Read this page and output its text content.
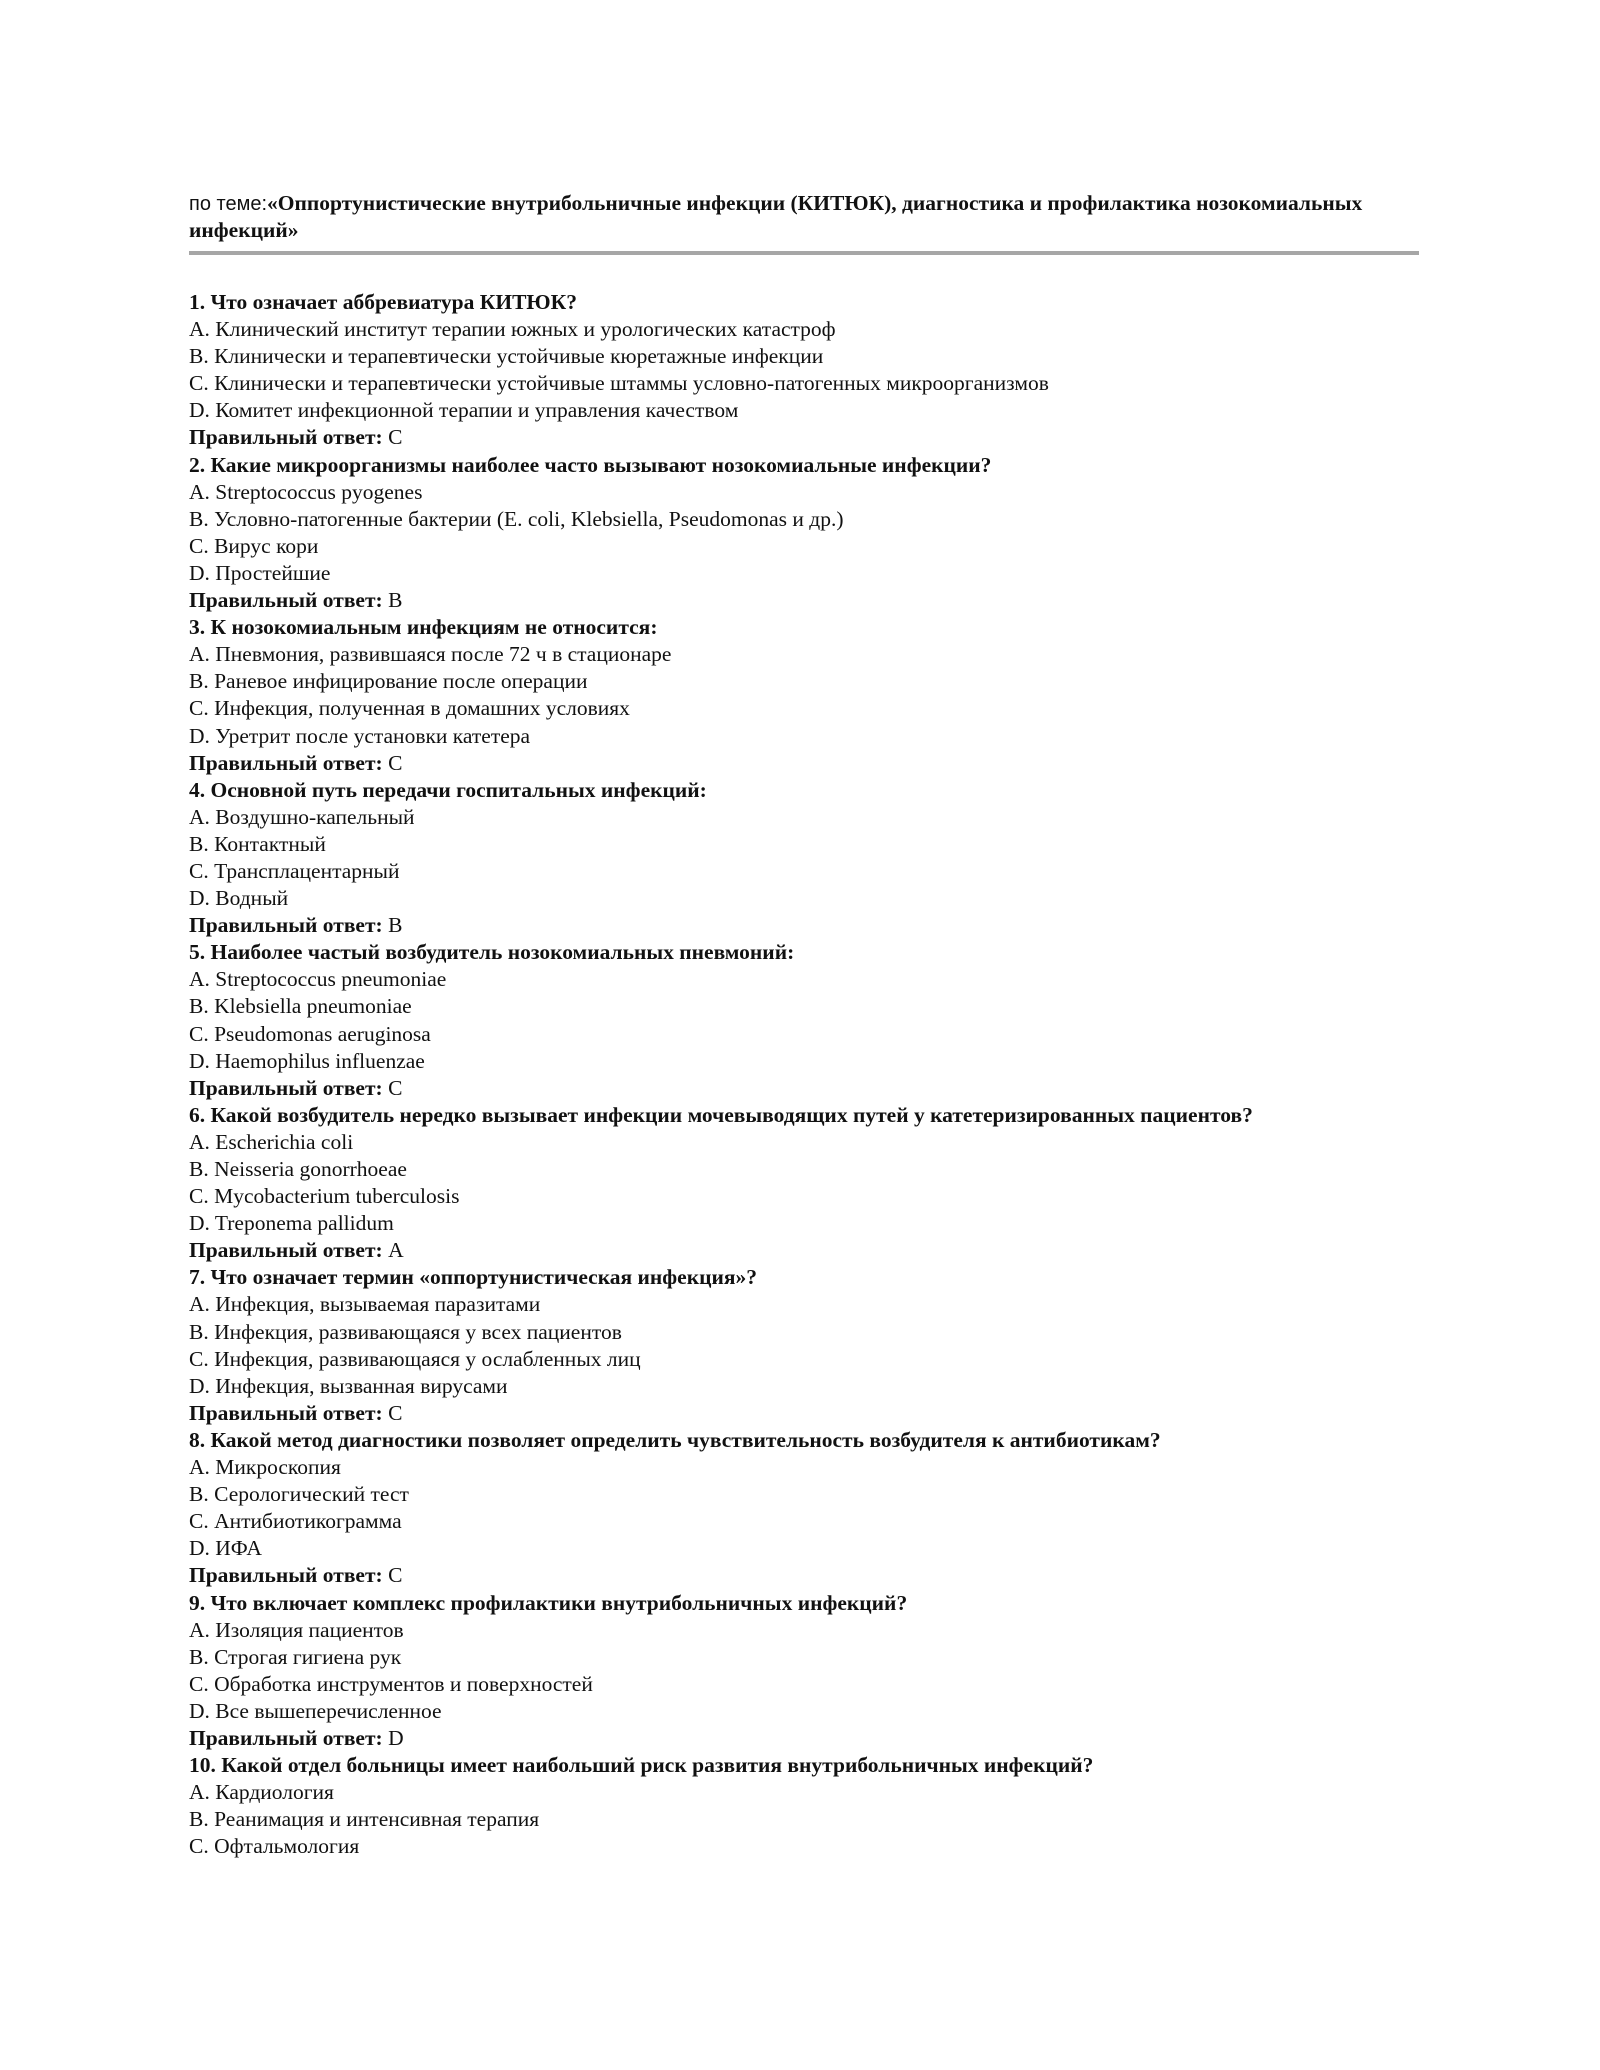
по теме:«Оппортунистические внутрибольничные инфекции (КИТЮК), диагностика и профилактика нозокомиальных инфекций»
1. Что означает аббревиатура КИТЮК?
A. Клинический институт терапии южных и урологических катастроф
B. Клинически и терапевтически устойчивые кюретажные инфекции
C. Клинически и терапевтически устойчивые штаммы условно-патогенных микроорганизмов
D. Комитет инфекционной терапии и управления качеством
Правильный ответ: C
2. Какие микроорганизмы наиболее часто вызывают нозокомиальные инфекции?
A. Streptococcus pyogenes
B. Условно-патогенные бактерии (E. coli, Klebsiella, Pseudomonas и др.)
C. Вирус кори
D. Простейшие
Правильный ответ: B
3. К нозокомиальным инфекциям не относится:
A. Пневмония, развившаяся после 72 ч в стационаре
B. Раневое инфицирование после операции
C. Инфекция, полученная в домашних условиях
D. Уретрит после установки катетера
Правильный ответ: C
4. Основной путь передачи госпитальных инфекций:
A. Воздушно-капельный
B. Контактный
C. Трансплацентарный
D. Водный
Правильный ответ: B
5. Наиболее частый возбудитель нозокомиальных пневмоний:
A. Streptococcus pneumoniae
B. Klebsiella pneumoniae
C. Pseudomonas aeruginosa
D. Haemophilus influenzae
Правильный ответ: C
6. Какой возбудитель нередко вызывает инфекции мочевыводящих путей у катетеризированных пациентов?
A. Escherichia coli
B. Neisseria gonorrhoeae
C. Mycobacterium tuberculosis
D. Treponema pallidum
Правильный ответ: A
7. Что означает термин «оппортунистическая инфекция»?
A. Инфекция, вызываемая паразитами
B. Инфекция, развивающаяся у всех пациентов
C. Инфекция, развивающаяся у ослабленных лиц
D. Инфекция, вызванная вирусами
Правильный ответ: C
8. Какой метод диагностики позволяет определить чувствительность возбудителя к антибиотикам?
A. Микроскопия
B. Серологический тест
C. Антибиотикограмма
D. ИФА
Правильный ответ: C
9. Что включает комплекс профилактики внутрибольничных инфекций?
A. Изоляция пациентов
B. Строгая гигиена рук
C. Обработка инструментов и поверхностей
D. Все вышеперечисленное
Правильный ответ: D
10. Какой отдел больницы имеет наибольший риск развития внутрибольничных инфекций?
A. Кардиология
B. Реанимация и интенсивная терапия
C. Офтальмология
